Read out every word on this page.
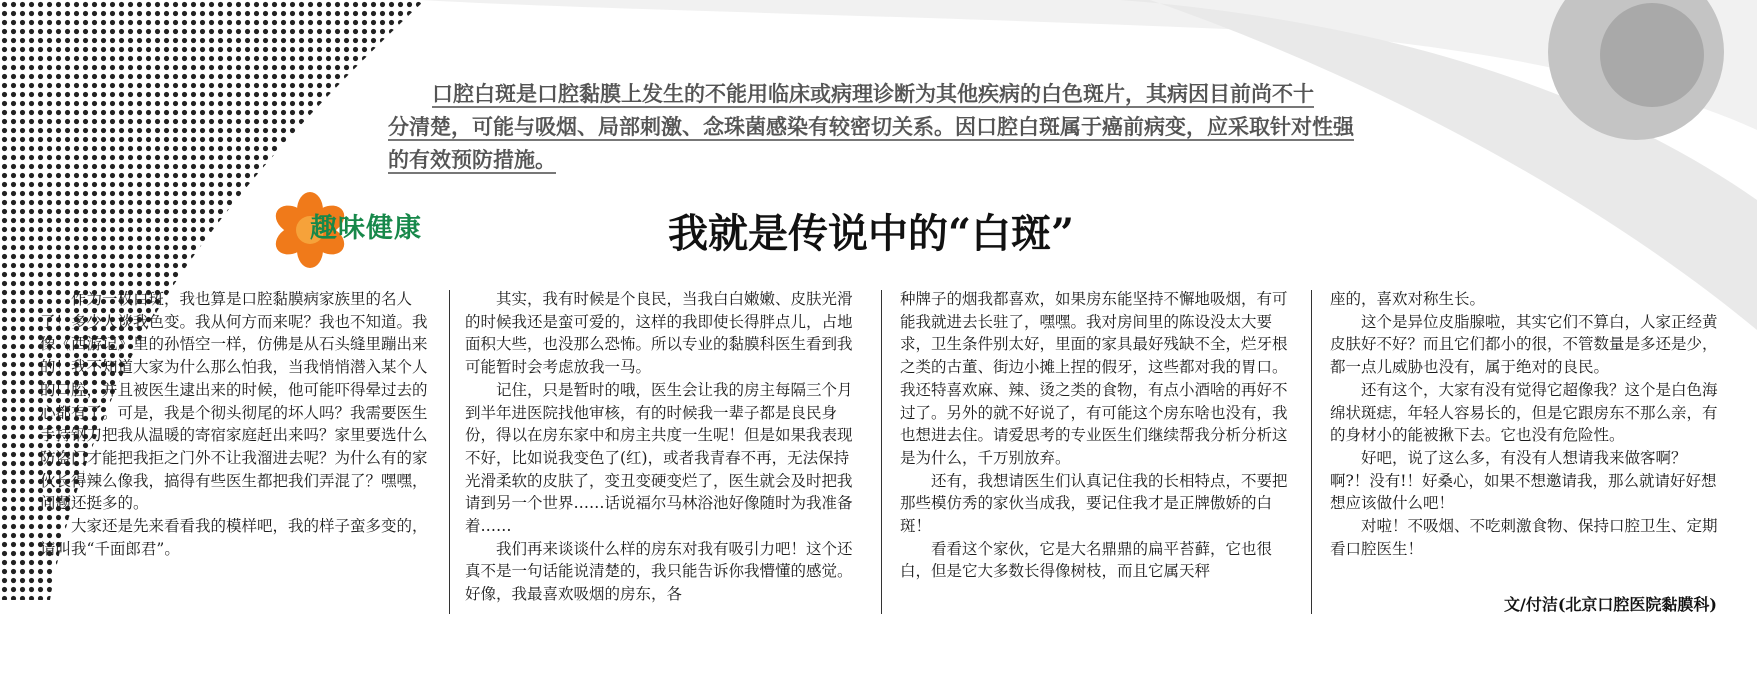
口腔白斑是口腔黏膜上发生的不能用临床或病理诊断为其他疾病的白色斑片，其病因目前尚不十
分清楚，可能与吸烟、局部刺激、念珠菌感染有较密切关系。因口腔白斑属于癌前病变，应采取针对性强
的有效预防措施。
趣味健康	我就是传说中的“白斑”

作为一枚白斑，我也算是口腔黏膜病家族里的名人了！多少人谈我色变。我从何方而来呢？我也不知道。我像《西游记》里的孙悟空一样，仿佛是从石头缝里蹦出来的！我不知道大家为什么那么怕我，当我悄悄潜入某个人的口腔，并且被医生逮出来的时候，他可能吓得晕过去的心都有了。可是，我是个彻头彻尾的坏人吗？我需要医生手持钢刀把我从温暖的寄宿家庭赶出来吗？家里要选什么防盗门才能把我拒之门外不让我溜进去呢？为什么有的家伙长得辣么像我，搞得有些医生都把我们弄混了？嘿嘿，问题还挺多的。

大家还是先来看看我的模样吧，我的样子蛮多变的，请叫我“千面郎君”。

其实，我有时候是个良民，当我白白嫩嫩、皮肤光滑的时候我还是蛮可爱的，这样的我即使长得胖点儿，占地面积大些，也没那么恐怖。所以专业的黏膜科医生看到我可能暂时会考虑放我一马。

记住，只是暂时的哦，医生会让我的房主每隔三个月到半年进医院找他审核，有的时候我一辈子都是良民身份，得以在房东家中和房主共度一生呢！但是如果我表现不好，比如说我变色了(红)，或者我青春不再，无法保持光滑柔软的皮肤了，变丑变硬变烂了，医生就会及时把我请到另一个世界……话说福尔马林浴池好像随时为我准备着……

我们再来谈谈什么样的房东对我有吸引力吧！这个还真不是一句话能说清楚的，我只能告诉你我懵懂的感觉。好像，我最喜欢吸烟的房东，各

种牌子的烟我都喜欢，如果房东能坚持不懈地吸烟，有可能我就进去长驻了，嘿嘿。我对房间里的陈设没太大要求，卫生条件别太好，里面的家具最好残缺不全，烂牙根之类的古董、街边小摊上捏的假牙，这些都对我的胃口。我还特喜欢麻、辣、烫之类的食物，有点小酒啥的再好不过了。另外的就不好说了，有可能这个房东啥也没有，我也想进去住。请爱思考的专业医生们继续帮我分析分析这是为什么，千万别放弃。

还有，我想请医生们认真记住我的长相特点，不要把那些模仿秀的家伙当成我，要记住我才是正牌傲娇的白斑！

看看这个家伙，它是大名鼎鼎的扁平苔藓，它也很白，但是它大多数长得像树枝，而且它属天秤

座的，喜欢对称生长。

这个是异位皮脂腺啦，其实它们不算白，人家正经黄皮肤好不好？而且它们都小的很，不管数量是多还是少，都一点儿威胁也没有，属于绝对的良民。

还有这个，大家有没有觉得它超像我？这个是白色海绵状斑痣，年轻人容易长的，但是它跟房东不那么亲，有的身材小的能被揪下去。它也没有危险性。

好吧，说了这么多，有没有人想请我来做客啊？啊?！没有!！好桑心，如果不想邀请我，那么就请好好想想应该做什么吧！

对啦！不吸烟、不吃刺激食物、保持口腔卫生、定期看口腔医生！

文/付洁(北京口腔医院黏膜科)
